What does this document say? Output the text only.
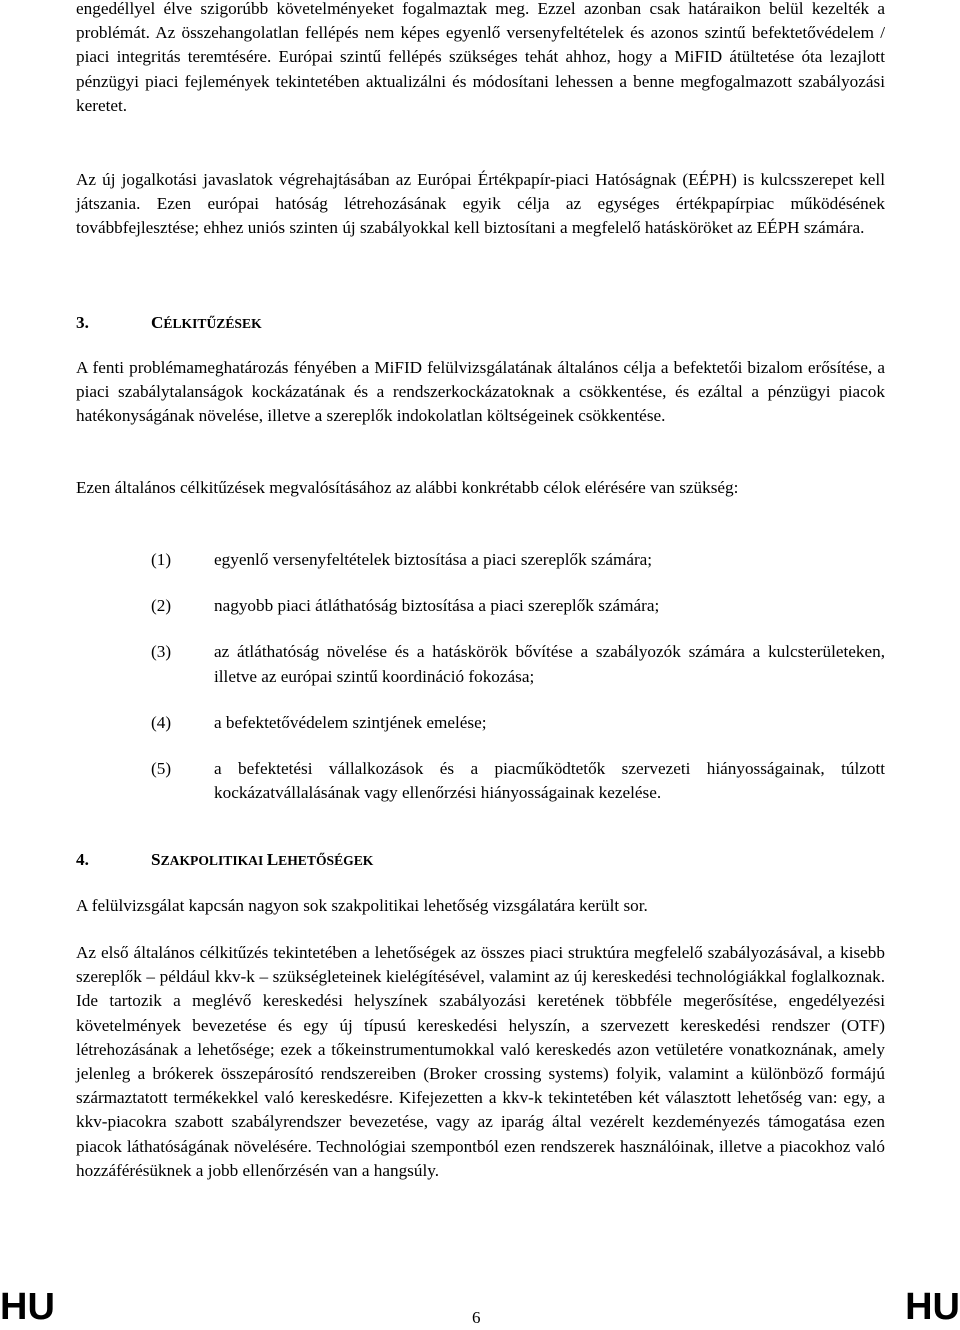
engedéllyel élve szigorúbb követelményeket fogalmaztak meg. Ezzel azonban csak határaikon belül kezelték a problémát. Az összehangolatlan fellépés nem képes egyenlő versenyfeltételek és azonos szintű befektetővédelem / piaci integritás teremtésére. Európai szintű fellépés szükséges tehát ahhoz, hogy a MiFID átültetése óta lezajlott pénzügyi piaci fejlemények tekintetében aktualizálni és módosítani lehessen a benne megfogalmazott szabályozási keretet.

Az új jogalkotási javaslatok végrehajtásában az Európai Értékpapír-piaci Hatóságnak (EÉPH) is kulcsszerepet kell játszania. Ezen európai hatóság létrehozásának egyik célja az egységes értékpapírpiac működésének továbbfejlesztése; ehhez uniós szinten új szabályokkal kell biztosítani a megfelelő hatásköröket az EÉPH számára.

3.	CÉLKITŰZÉSEK

A fenti problémameghatározás fényében a MiFID felülvizsgálatának általános célja a befektetői bizalom erősítése, a piaci szabálytalanságok kockázatának és a rendszerkockázatoknak a csökkentése, és ezáltal a pénzügyi piacok hatékonyságának növelése, illetve a szereplők indokolatlan költségeinek csökkentése.

Ezen általános célkitűzések megvalósításához az alábbi konkrétabb célok elérésére van szükség:

(1)	egyenlő versenyfeltételek biztosítása a piaci szereplők számára;
(2)	nagyobb piaci átláthatóság biztosítása a piaci szereplők számára;
(3)	az átláthatóság növelése és a hatáskörök bővítése a szabályozók számára a kulcsterületeken, illetve az európai szintű koordináció fokozása;
(4)	a befektetővédelem szintjének emelése;
(5)	a befektetési vállalkozások és a piacműködtetők szervezeti hiányosságainak, túlzott kockázatvállalásának vagy ellenőrzési hiányosságainak kezelése.
4.	SZAKPOLITIKAI LEHETŐSÉGEK

A felülvizsgálat kapcsán nagyon sok szakpolitikai lehetőség vizsgálatára került sor.

Az első általános célkitűzés tekintetében a lehetőségek az összes piaci struktúra megfelelő szabályozásával, a kisebb szereplők – például kkv-k – szükségleteinek kielégítésével, valamint az új kereskedési technológiákkal foglalkoznak. Ide tartozik a meglévő kereskedési helyszínek szabályozási keretének többféle megerősítése, engedélyezési követelmények bevezetése és egy új típusú kereskedési helyszín, a szervezett kereskedési rendszer (OTF) létrehozásának a lehetősége; ezek a tőkeinstrumentumokkal való kereskedés azon vetületére vonatkoznának, amely jelenleg a brókerek összepárosító rendszereiben (Broker crossing systems) folyik, valamint a különböző formájú származtatott termékekkel való kereskedésre. Kifejezetten a kkv-k tekintetében két választott lehetőség van: egy, a kkv-piacokra szabott szabályrendszer bevezetése, vagy az iparág által vezérelt kezdeményezés támogatása ezen piacok láthatóságának növelésére. Technológiai szempontból ezen rendszerek használóinak, illetve a piacokhoz való hozzáférésüknek a jobb ellenőrzésén van a hangsúly.

HU	6	HU
